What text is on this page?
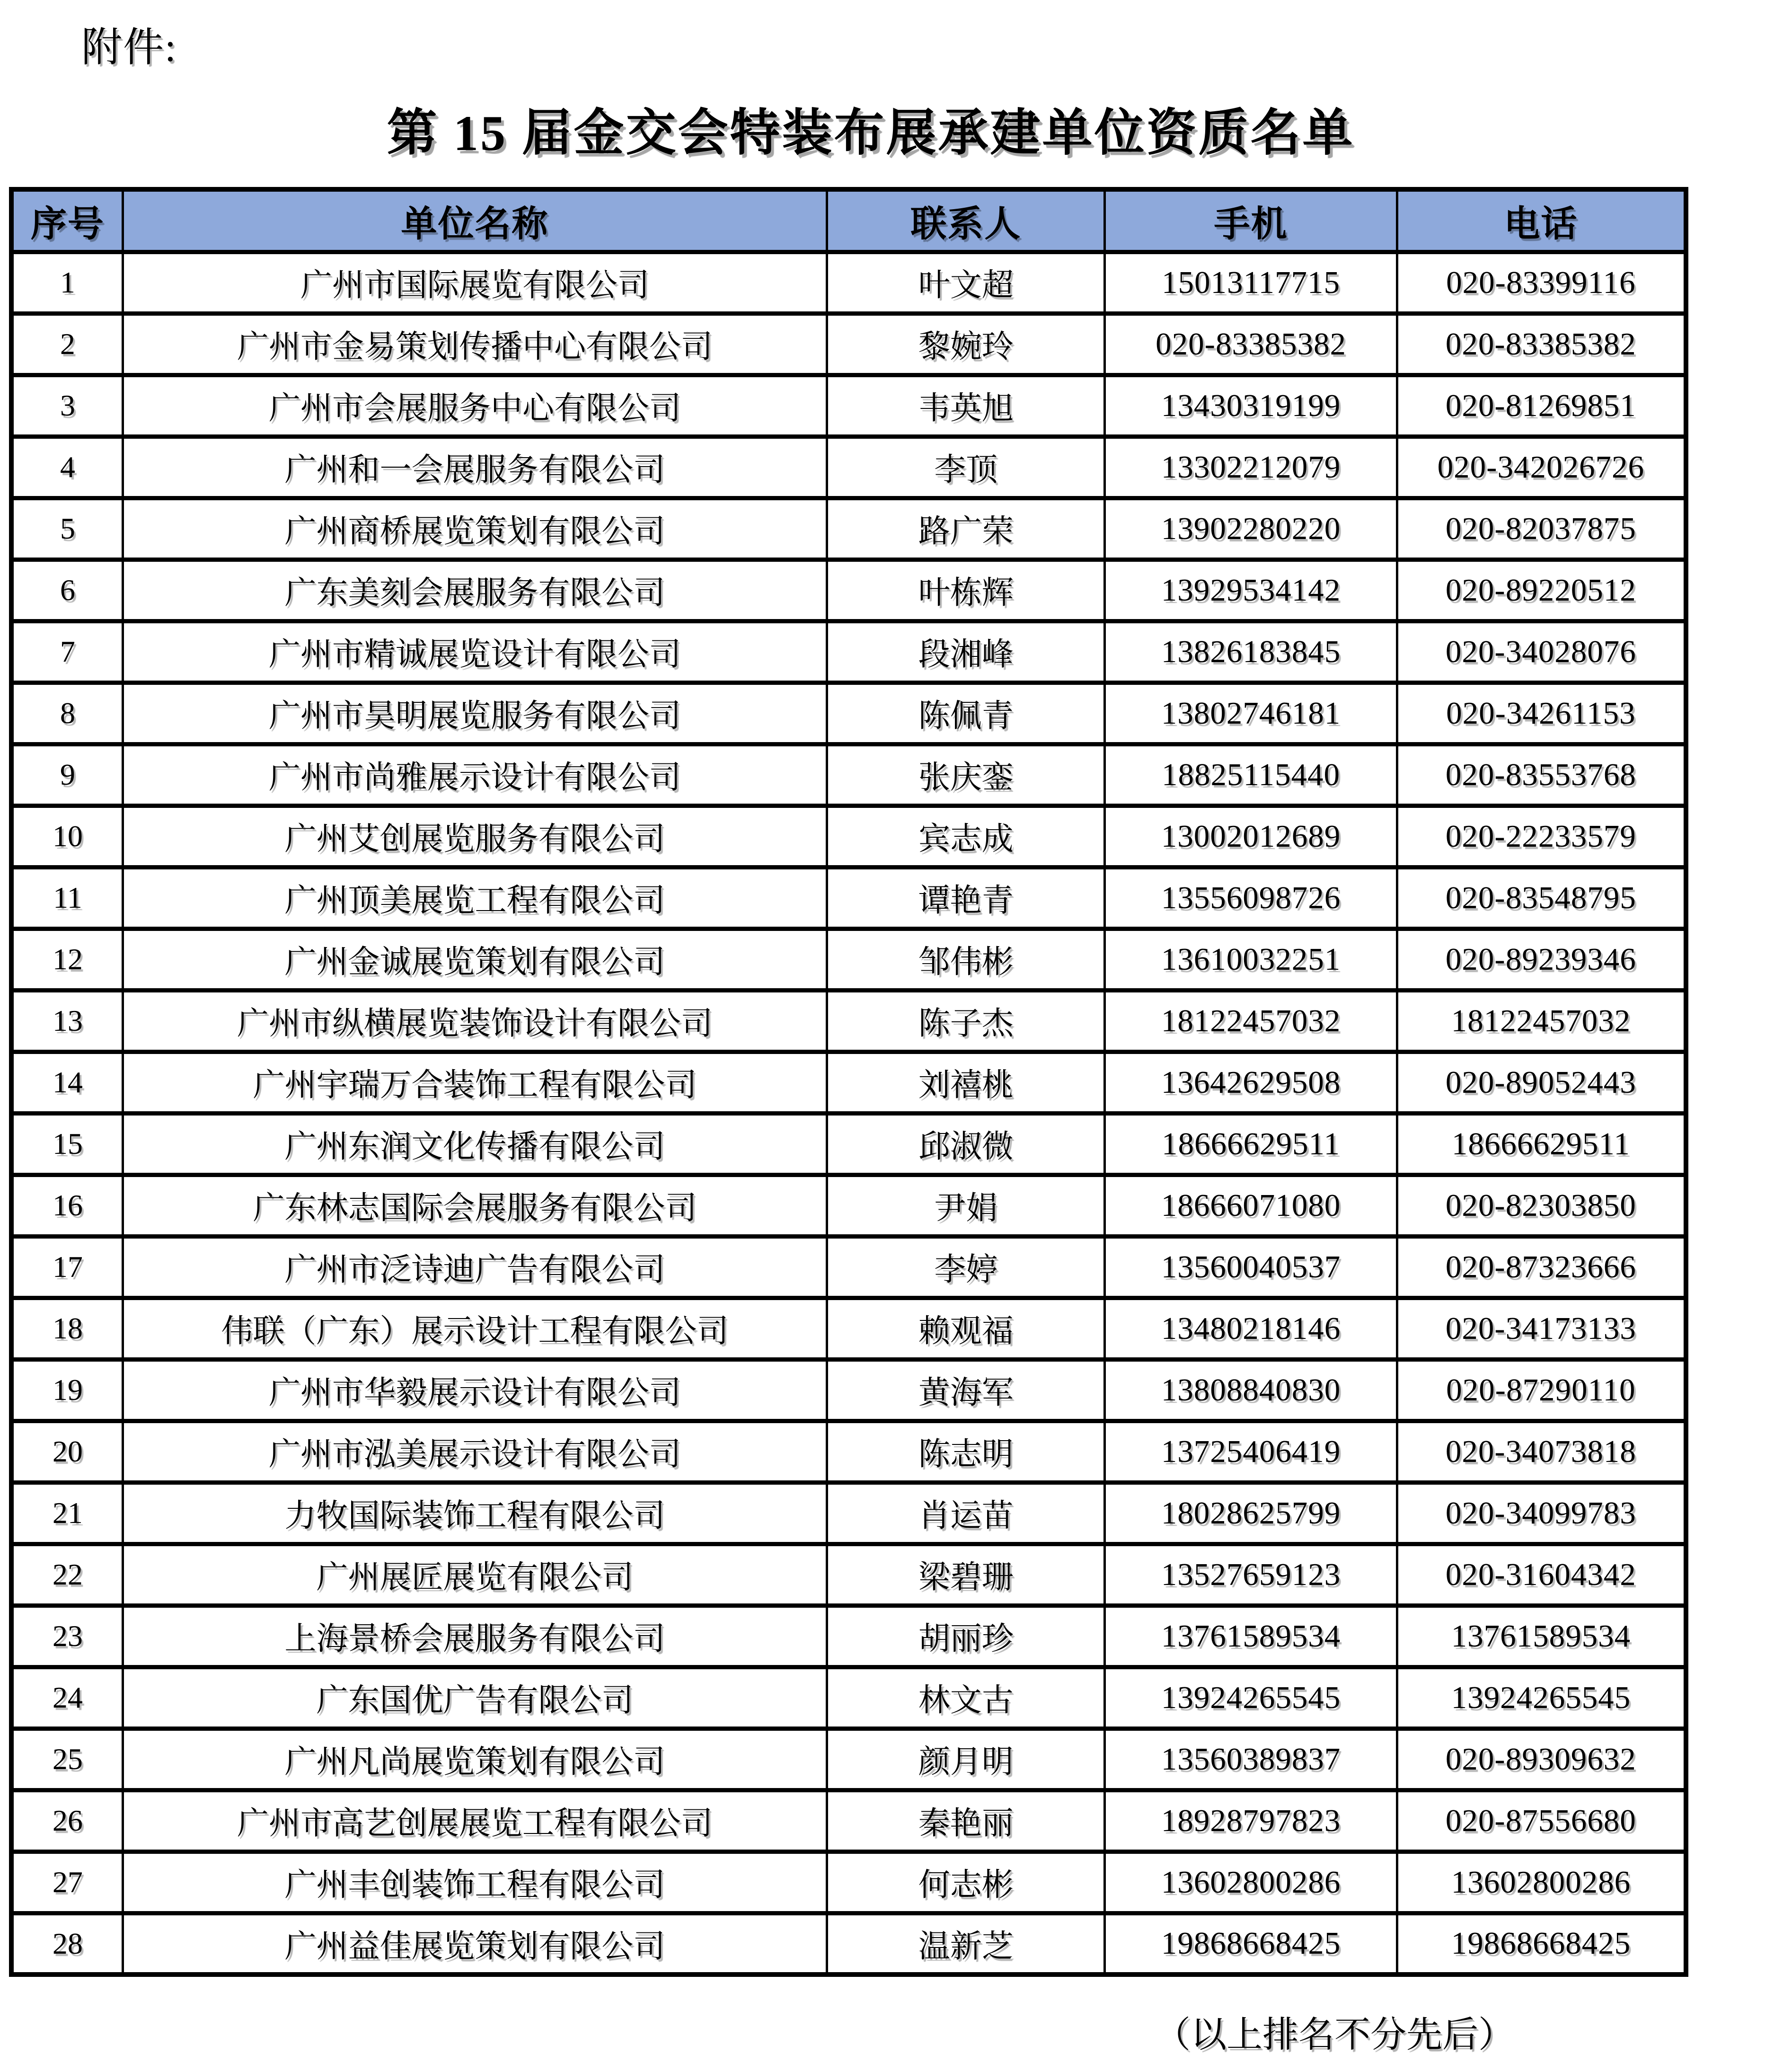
附件:
第 15 届金交会特装布展承建单位资质名单
序号	单位名称	联系人	手机	电话
1	广州市国际展览有限公司	叶文超	15013117715	020-83399116
2	广州市金易策划传播中心有限公司	黎婉玲	020-83385382	020-83385382
3	广州市会展服务中心有限公司	韦英旭	13430319199	020-81269851
4	广州和一会展服务有限公司	李顶	13302212079	020-342026726
5	广州商桥展览策划有限公司	路广荣	13902280220	020-82037875
6	广东美刻会展服务有限公司	叶栋辉	13929534142	020-89220512
7	广州市精诚展览设计有限公司	段湘峰	13826183845	020-34028076
8	广州市昊明展览服务有限公司	陈佩青	13802746181	020-34261153
9	广州市尚雅展示设计有限公司	张庆銮	18825115440	020-83553768
10	广州艾创展览服务有限公司	宾志成	13002012689	020-22233579
11	广州顶美展览工程有限公司	谭艳青	13556098726	020-83548795
12	广州金诚展览策划有限公司	邹伟彬	13610032251	020-89239346
13	广州市纵横展览装饰设计有限公司	陈子杰	18122457032	18122457032
14	广州宇瑞万合装饰工程有限公司	刘禧桃	13642629508	020-89052443
15	广州东润文化传播有限公司	邱淑微	18666629511	18666629511
16	广东林志国际会展服务有限公司	尹娟	18666071080	020-82303850
17	广州市泛诗迪广告有限公司	李婷	13560040537	020-87323666
18	伟联（广东）展示设计工程有限公司	赖观福	13480218146	020-34173133
19	广州市华毅展示设计有限公司	黄海军	13808840830	020-87290110
20	广州市泓美展示设计有限公司	陈志明	13725406419	020-34073818
21	力牧国际装饰工程有限公司	肖运苗	18028625799	020-34099783
22	广州展匠展览有限公司	梁碧珊	13527659123	020-31604342
23	上海景桥会展服务有限公司	胡丽珍	13761589534	13761589534
24	广东国优广告有限公司	林文古	13924265545	13924265545
25	广州凡尚展览策划有限公司	颜月明	13560389837	020-89309632
26	广州市高艺创展展览工程有限公司	秦艳丽	18928797823	020-87556680
27	广州丰创装饰工程有限公司	何志彬	13602800286	13602800286
28	广州益佳展览策划有限公司	温新芝	19868668425	19868668425
（以上排名不分先后）
